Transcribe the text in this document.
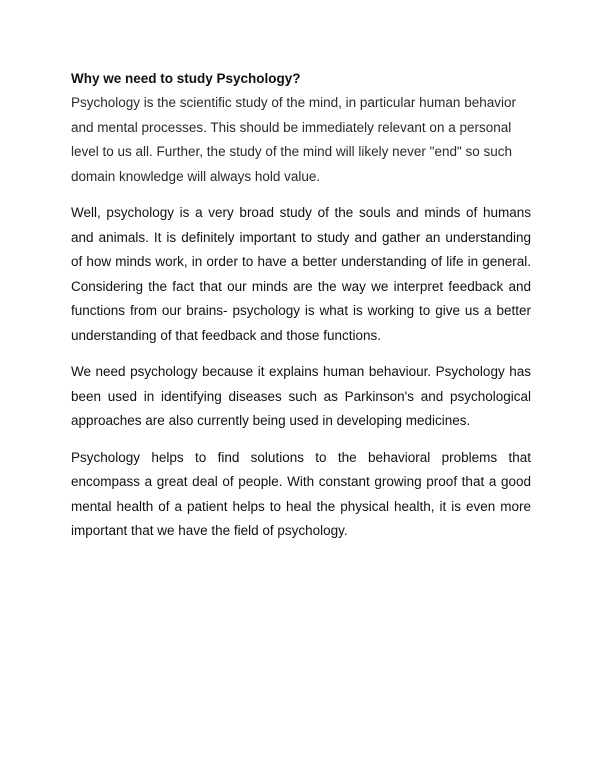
Why we need to study Psychology?

Psychology is the scientific study of the mind, in particular human behavior and mental processes. This should be immediately relevant on a personal level to us all. Further, the study of the mind will likely never "end" so such domain knowledge will always hold value.

Well, psychology is a very broad study of the souls and minds of humans and animals. It is definitely important to study and gather an understanding of how minds work, in order to have a better understanding of life in general. Considering the fact that our minds are the way we interpret feedback and functions from our brains- psychology is what is working to give us a better understanding of that feedback and those functions.

We need psychology because it explains human behaviour. Psychology has been used in identifying diseases such as Parkinson's and psychological approaches are also currently being used in developing medicines.

Psychology helps to find solutions to the behavioral problems that encompass a great deal of people. With constant growing proof that a good mental health of a patient helps to heal the physical health, it is even more important that we have the field of psychology.
